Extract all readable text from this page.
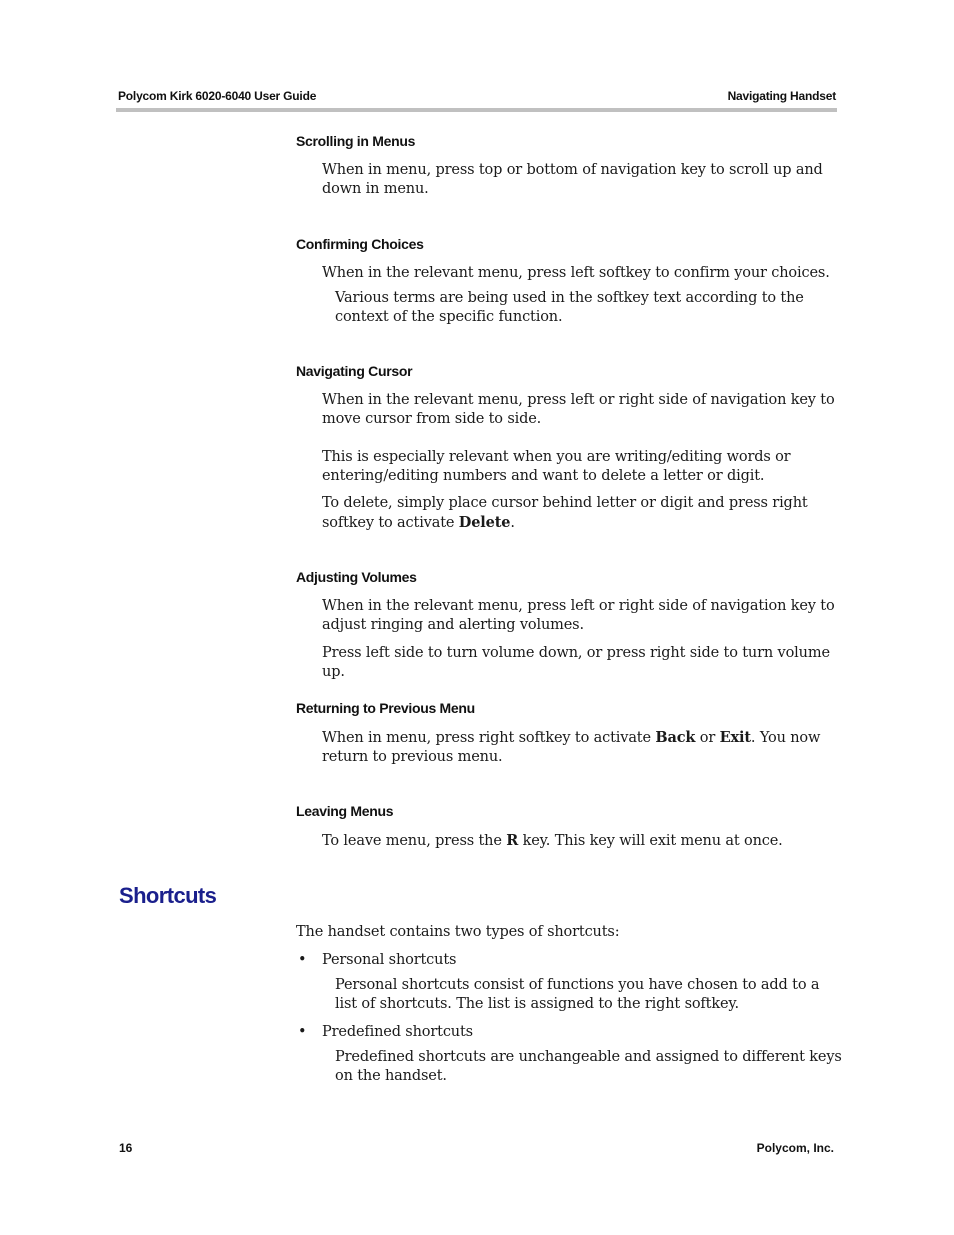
Polycom Kirk 6020-6040 User Guide	Navigating Handset
Scrolling in Menus
When in menu, press top or bottom of navigation key to scroll up and down in menu.
Confirming Choices
When in the relevant menu, press left softkey to confirm your choices.
Various terms are being used in the softkey text according to the context of the specific function.
Navigating Cursor
When in the relevant menu, press left or right side of navigation key to move cursor from side to side.
This is especially relevant when you are writing/editing words or entering/editing numbers and want to delete a letter or digit.
To delete, simply place cursor behind letter or digit and press right softkey to activate Delete.
Adjusting Volumes
When in the relevant menu, press left or right side of navigation key to adjust ringing and alerting volumes.
Press left side to turn volume down, or press right side to turn volume up.
Returning to Previous Menu
When in menu, press right softkey to activate Back or Exit. You now return to previous menu.
Leaving Menus
To leave menu, press the R key. This key will exit menu at once.
Shortcuts
The handset contains two types of shortcuts:
• Personal shortcuts
Personal shortcuts consist of functions you have chosen to add to a list of shortcuts. The list is assigned to the right softkey.
• Predefined shortcuts
Predefined shortcuts are unchangeable and assigned to different keys on the handset.
16	Polycom, Inc.
